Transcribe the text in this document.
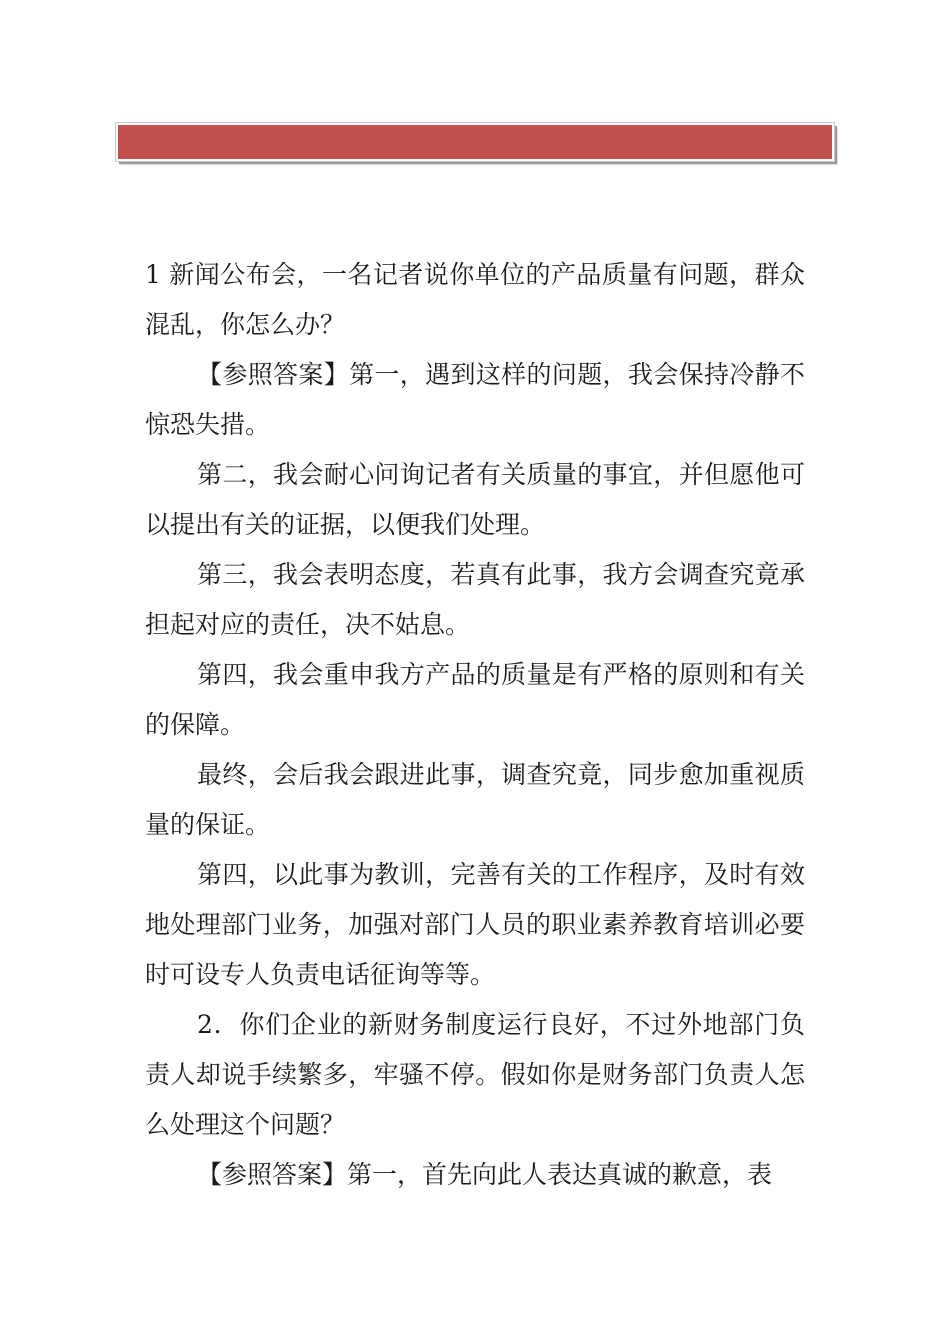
1 新闻公布会，一名记者说你单位的产品质量有问题，群众混乱，你怎么办？

【参照答案】第一，遇到这样的问题，我会保持冷静不惊恐失措。

第二，我会耐心问询记者有关质量的事宜，并但愿他可以提出有关的证据，以便我们处理。

第三，我会表明态度，若真有此事，我方会调查究竟承担起对应的责任，决不姑息。

第四，我会重申我方产品的质量是有严格的原则和有关的保障。

最终，会后我会跟进此事，调查究竟，同步愈加重视质量的保证。

第四，以此事为教训，完善有关的工作程序，及时有效地处理部门业务，加强对部门人员的职业素养教育培训必要时可设专人负责电话征询等等。

2．你们企业的新财务制度运行良好，不过外地部门负责人却说手续繁多，牢骚不停。假如你是财务部门负责人怎么处理这个问题？

【参照答案】第一，首先向此人表达真诚的歉意，表
